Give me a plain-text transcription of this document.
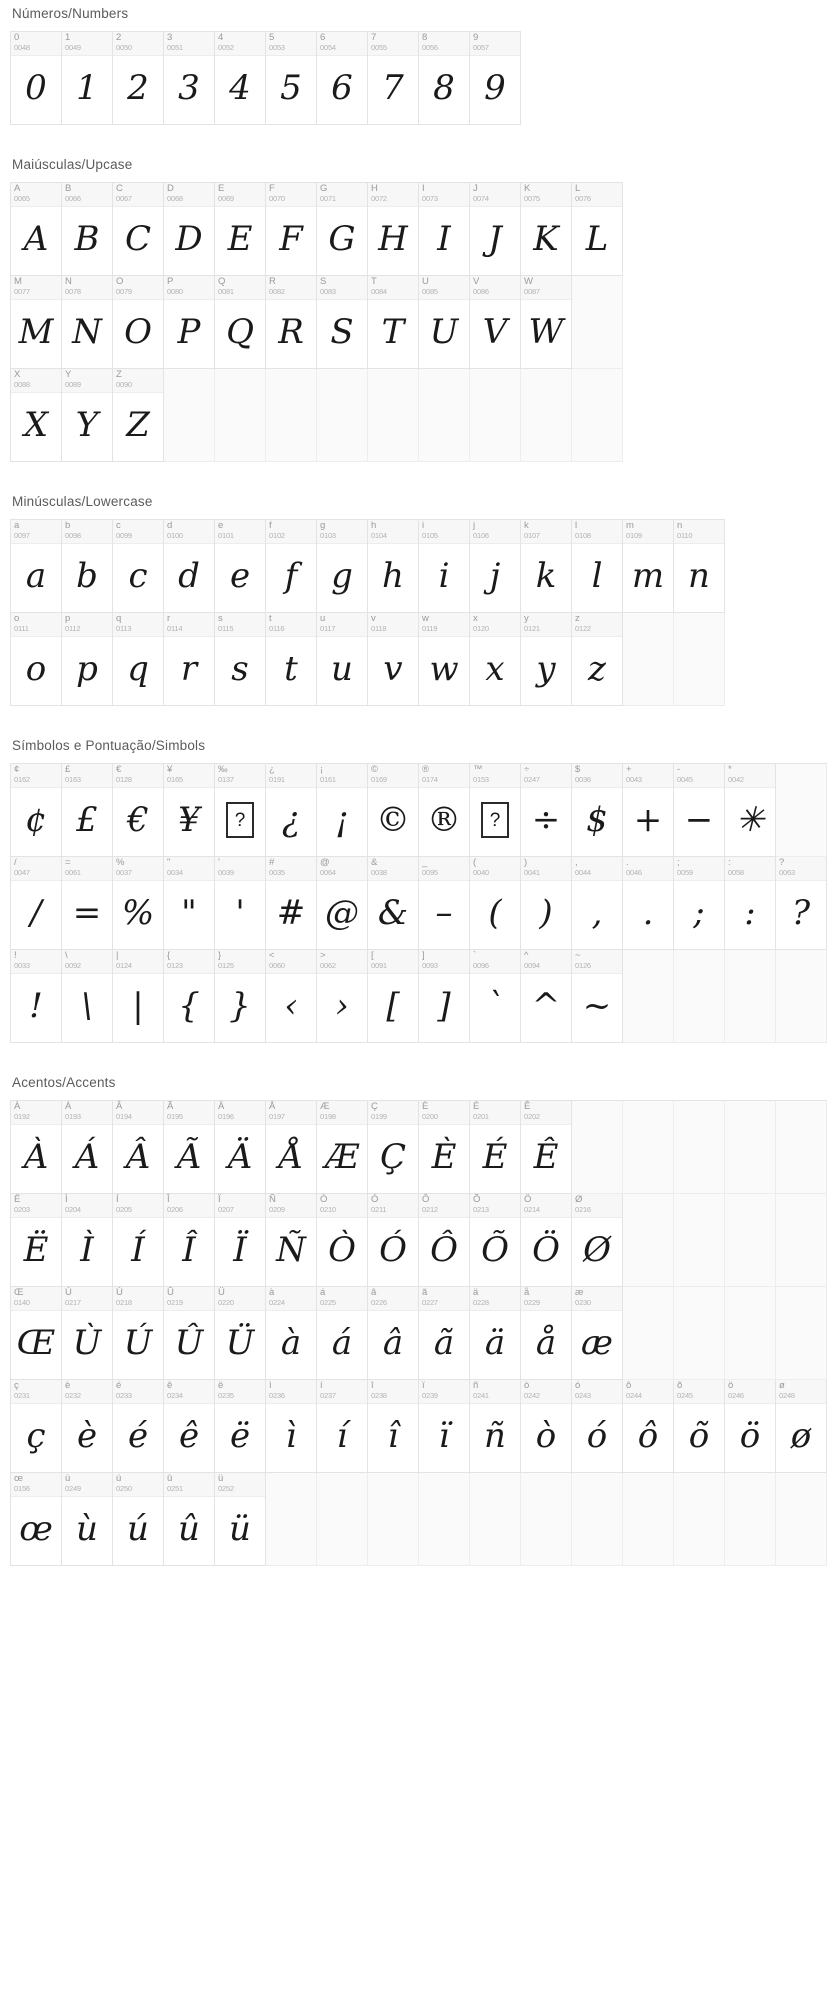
Números/Numbers
0
0048
0
1
0049
1
2
0050
2
3
0051
3
4
0052
4
5
0053
5
6
0054
6
7
0055
7
8
0056
8
9
0057
9
Maiúsculas/Upcase
A
0065
A
B
0066
B
C
0067
C
D
0068
D
E
0069
E
F
0070
F
G
0071
G
H
0072
H
I
0073
I
J
0074
J
K
0075
K
L
0076
L
M
0077
M
N
0078
N
O
0079
O
P
0080
P
Q
0081
Q
R
0082
R
S
0083
S
T
0084
T
U
0085
U
V
0086
V
W
0087
W
X
0088
X
Y
0089
Y
Z
0090
Z
Minúsculas/Lowercase
a
0097
a
b
0098
b
c
0099
c
d
0100
d
e
0101
e
f
0102
f
g
0103
g
h
0104
h
i
0105
i
j
0106
j
k
0107
k
l
0108
l
m
0109
m
n
0110
n
o
0111
o
p
0112
p
q
0113
q
r
0114
r
s
0115
s
t
0116
t
u
0117
u
v
0118
v
w
0119
w
x
0120
x
y
0121
y
z
0122
z
Símbolos e Pontuação/Simbols
¢
0162
¢
£
0163
£
€
0128
€
¥
0165
¥
‰
0137
?
¿
0191
¿
¡
0161
¡
©
0169
©
®
0174
®
™
0153
?
÷
0247
÷
$
0036
$
+
0043
+
-
0045
−
*
0042
✳
/
0047
/
=
0061
=
%
0037
%
"
0034
"
'
0039
'
#
0035
#
@
0064
@
&
0038
&
_
0095
–
(
0040
(
)
0041
)
,
0044
,
.
0046
.
;
0059
;
:
0058
:
?
0063
?
!
0033
!
\
0092
\
|
0124
|
{
0123
{
}
0125
}
<
0060
‹
>
0062
›
[
0091
[
]
0093
]
`
0096
`
^
0094
^
~
0126
~
Acentos/Accents
À
0192
À
Á
0193
Á
Â
0194
Â
Ã
0195
Ã
Ä
0196
Ä
Å
0197
Å
Æ
0198
Æ
Ç
0199
Ç
È
0200
È
É
0201
É
Ê
0202
Ê
Ë
0203
Ë
Ì
0204
Ì
Í
0205
Í
Î
0206
Î
Ï
0207
Ï
Ñ
0209
Ñ
Ò
0210
Ò
Ó
0211
Ó
Ô
0212
Ô
Õ
0213
Õ
Ö
0214
Ö
Ø
0216
Ø
Œ
0140
Œ
Ù
0217
Ù
Ú
0218
Ú
Û
0219
Û
Ü
0220
Ü
à
0224
à
á
0225
á
â
0226
â
ã
0227
ã
ä
0228
ä
å
0229
å
æ
0230
æ
ç
0231
ç
è
0232
è
é
0233
é
ê
0234
ê
ë
0235
ë
ì
0236
ì
í
0237
í
î
0238
î
ï
0239
ï
ñ
0241
ñ
ò
0242
ò
ó
0243
ó
ô
0244
ô
õ
0245
õ
ö
0246
ö
ø
0248
ø
œ
0156
œ
ù
0249
ù
ú
0250
ú
û
0251
û
ü
0252
ü
